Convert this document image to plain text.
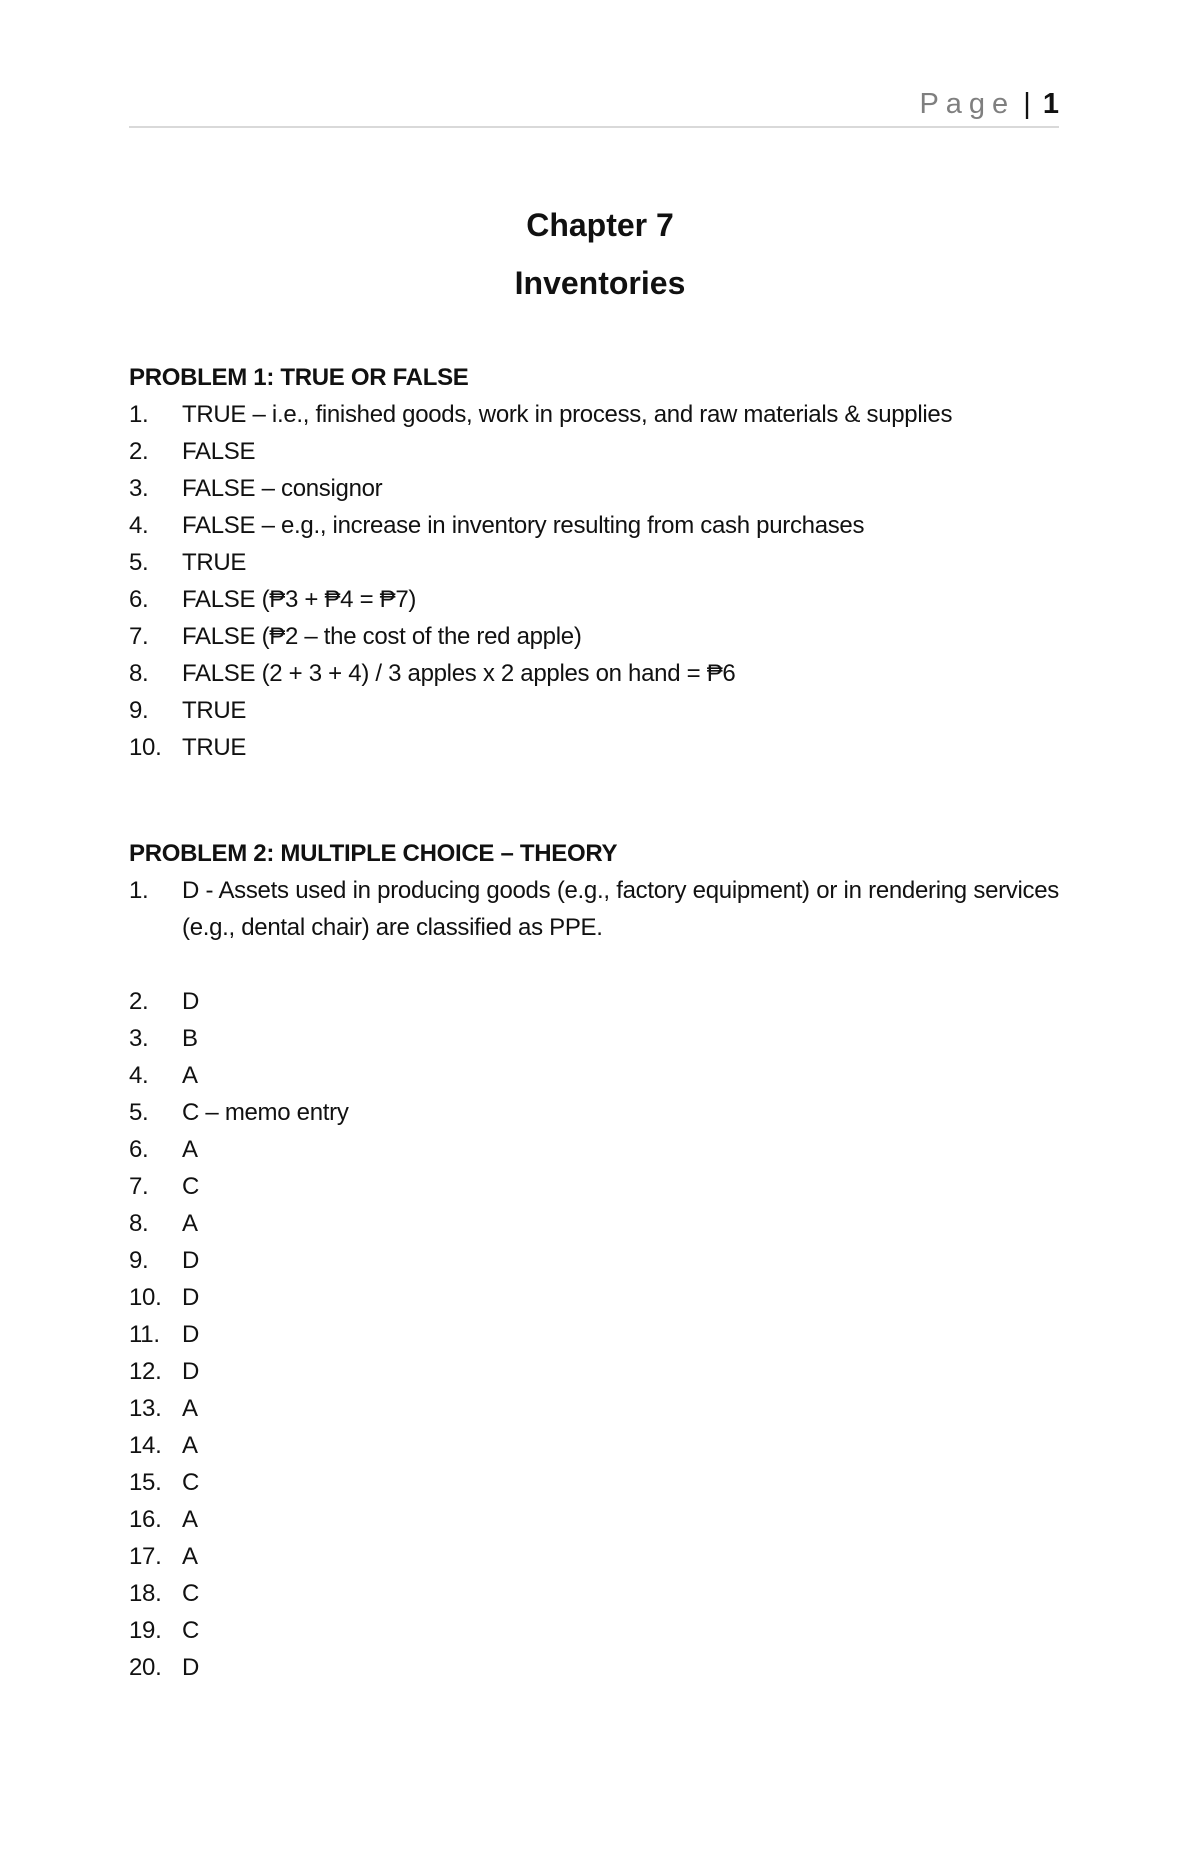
Page | 1
Chapter 7
Inventories
PROBLEM 1: TRUE OR FALSE
1.	TRUE – i.e., finished goods, work in process, and raw materials & supplies
2.	FALSE
3.	FALSE – consignor
4.	FALSE – e.g., increase in inventory resulting from cash purchases
5.	TRUE
6.	FALSE (₱3 + ₱4 = ₱7)
7.	FALSE (₱2 – the cost of the red apple)
8.	FALSE (2 + 3 + 4) / 3 apples x 2 apples on hand = ₱6
9.	TRUE
10. TRUE
PROBLEM 2: MULTIPLE CHOICE – THEORY
1.	D - Assets used in producing goods (e.g., factory equipment) or in rendering services (e.g., dental chair) are classified as PPE.
2.	D
3.	B
4.	A
5.	C – memo entry
6.	A
7.	C
8.	A
9.	D
10. D
11. D
12. D
13. A
14. A
15. C
16. A
17. A
18. C
19. C
20. D
